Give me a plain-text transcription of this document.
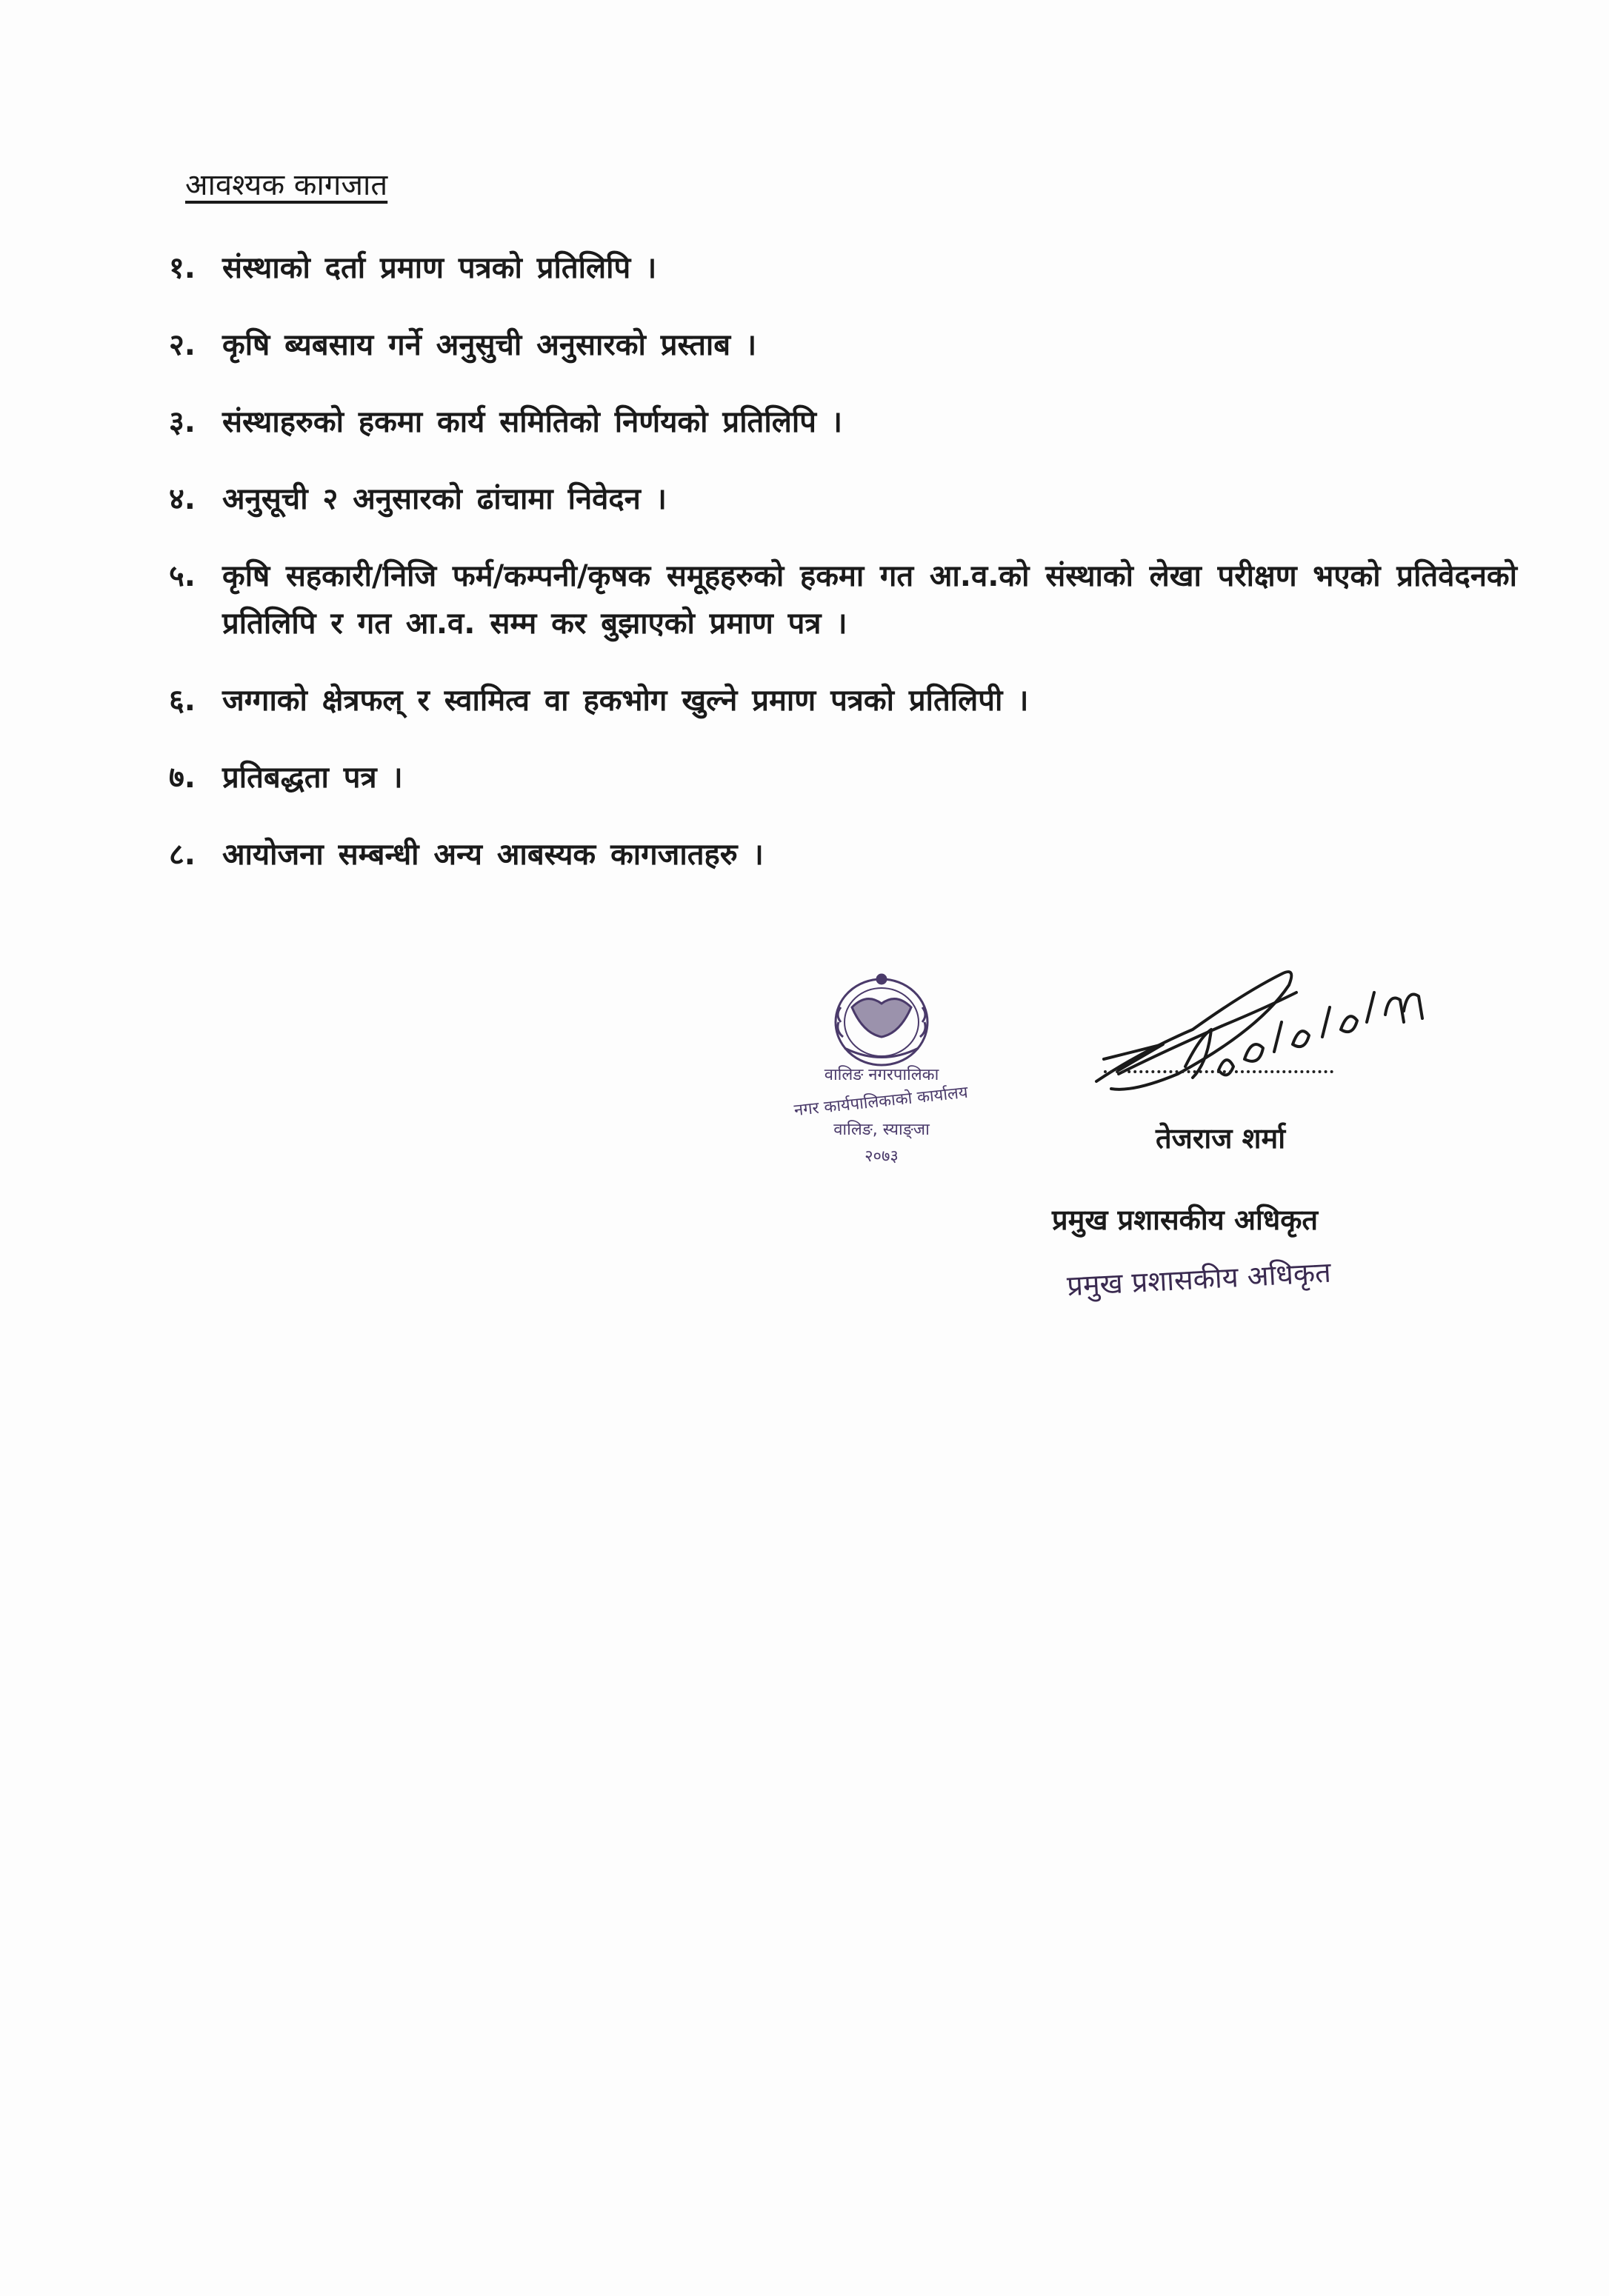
आवश्यक कागजात
१. संस्थाको दर्ता प्रमाण पत्रको प्रतिलिपि ।
२. कृषि ब्यबसाय गर्ने अनुसुची अनुसारको प्रस्ताब ।
३. संस्थाहरुको हकमा कार्य समितिको निर्णयको प्रतिलिपि ।
४. अनुसूची २ अनुसारको ढांचामा निवेदन ।
५. कृषि सहकारी/निजि फर्म/कम्पनी/कृषक समूहहरुको हकमा गत आ.व.को संस्थाको लेखा परीक्षण भएको प्रतिवेदनको प्रतिलिपि र गत आ.व. सम्म कर बुझाएको प्रमाण पत्र ।
६. जग्गाको क्षेत्रफल् र स्वामित्व वा हकभोग खुल्ने प्रमाण पत्रको प्रतिलिपी ।
७. प्रतिबद्धता पत्र ।
८. आयोजना सम्बन्धी अन्य आबस्यक कागजातहरु ।
वालिङ नगरपालिका
नगर कार्यपालिकाको कार्यालय
वालिङ, स्याङ्जा
२०७३
तेजराज शर्मा
प्रमुख प्रशासकीय अधिकृत
प्रमुख प्रशासकीय अधिकृत
